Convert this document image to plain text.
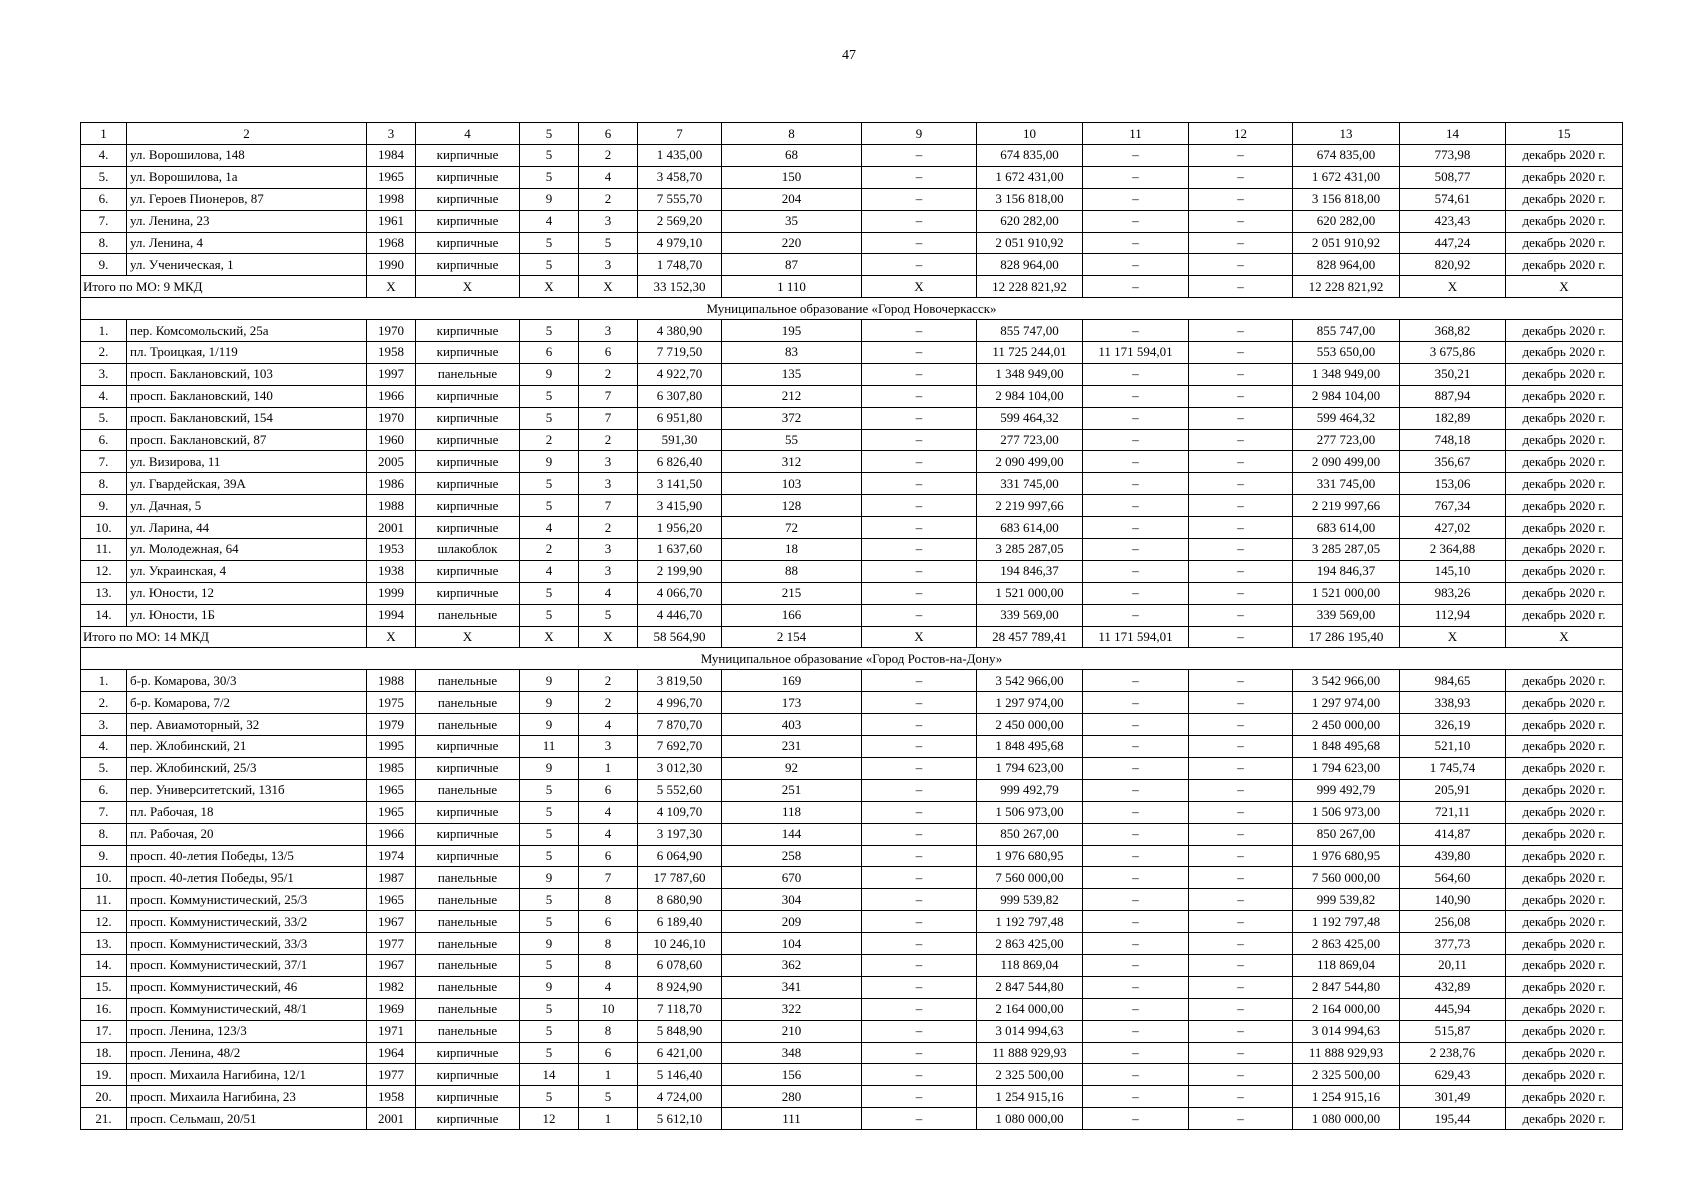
47
1	2	3	4	5	6	7	8	9	10	11	12	13	14	15
4.	ул. Ворошилова, 148	1984	кирпичные	5	2	1 435,00	68	–	674 835,00	–	–	674 835,00	773,98	декабрь 2020 г.
5.	ул. Ворошилова, 1а	1965	кирпичные	5	4	3 458,70	150	–	1 672 431,00	–	–	1 672 431,00	508,77	декабрь 2020 г.
6.	ул. Героев Пионеров, 87	1998	кирпичные	9	2	7 555,70	204	–	3 156 818,00	–	–	3 156 818,00	574,61	декабрь 2020 г.
7.	ул. Ленина, 23	1961	кирпичные	4	3	2 569,20	35	–	620 282,00	–	–	620 282,00	423,43	декабрь 2020 г.
8.	ул. Ленина, 4	1968	кирпичные	5	5	4 979,10	220	–	2 051 910,92	–	–	2 051 910,92	447,24	декабрь 2020 г.
9.	ул. Ученическая, 1	1990	кирпичные	5	3	1 748,70	87	–	828 964,00	–	–	828 964,00	820,92	декабрь 2020 г.
Итого по МО: 9 МКД		Х	Х	Х	Х	33 152,30	1 110	Х	12 228 821,92	–	–	12 228 821,92	Х	Х
Муниципальное образование «Город Новочеркасск»														
1.	пер. Комсомольский, 25а	1970	кирпичные	5	3	4 380,90	195	–	855 747,00	–	–	855 747,00	368,82	декабрь 2020 г.
2.	пл. Троицкая, 1/119	1958	кирпичные	6	6	7 719,50	83	–	11 725 244,01	11 171 594,01	–	553 650,00	3 675,86	декабрь 2020 г.
3.	просп. Баклановский, 103	1997	панельные	9	2	4 922,70	135	–	1 348 949,00	–	–	1 348 949,00	350,21	декабрь 2020 г.
4.	просп. Баклановский, 140	1966	кирпичные	5	7	6 307,80	212	–	2 984 104,00	–	–	2 984 104,00	887,94	декабрь 2020 г.
5.	просп. Баклановский, 154	1970	кирпичные	5	7	6 951,80	372	–	599 464,32	–	–	599 464,32	182,89	декабрь 2020 г.
6.	просп. Баклановский, 87	1960	кирпичные	2	2	591,30	55	–	277 723,00	–	–	277 723,00	748,18	декабрь 2020 г.
7.	ул. Визирова, 11	2005	кирпичные	9	3	6 826,40	312	–	2 090 499,00	–	–	2 090 499,00	356,67	декабрь 2020 г.
8.	ул. Гвардейская, 39А	1986	кирпичные	5	3	3 141,50	103	–	331 745,00	–	–	331 745,00	153,06	декабрь 2020 г.
9.	ул. Дачная, 5	1988	кирпичные	5	7	3 415,90	128	–	2 219 997,66	–	–	2 219 997,66	767,34	декабрь 2020 г.
10.	ул. Ларина, 44	2001	кирпичные	4	2	1 956,20	72	–	683 614,00	–	–	683 614,00	427,02	декабрь 2020 г.
11.	ул. Молодежная, 64	1953	шлакоблок	2	3	1 637,60	18	–	3 285 287,05	–	–	3 285 287,05	2 364,88	декабрь 2020 г.
12.	ул. Украинская, 4	1938	кирпичные	4	3	2 199,90	88	–	194 846,37	–	–	194 846,37	145,10	декабрь 2020 г.
13.	ул. Юности, 12	1999	кирпичные	5	4	4 066,70	215	–	1 521 000,00	–	–	1 521 000,00	983,26	декабрь 2020 г.
14.	ул. Юности, 1Б	1994	панельные	5	5	4 446,70	166	–	339 569,00	–	–	339 569,00	112,94	декабрь 2020 г.
Итого по МО: 14 МКД		Х	Х	Х	Х	58 564,90	2 154	Х	28 457 789,41	11 171 594,01	–	17 286 195,40	Х	Х
Муниципальное образование «Город Ростов-на-Дону»														
1.	б-р. Комарова, 30/3	1988	панельные	9	2	3 819,50	169	–	3 542 966,00	–	–	3 542 966,00	984,65	декабрь 2020 г.
2.	б-р. Комарова, 7/2	1975	панельные	9	2	4 996,70	173	–	1 297 974,00	–	–	1 297 974,00	338,93	декабрь 2020 г.
3.	пер. Авиамоторный, 32	1979	панельные	9	4	7 870,70	403	–	2 450 000,00	–	–	2 450 000,00	326,19	декабрь 2020 г.
4.	пер. Жлобинский, 21	1995	кирпичные	11	3	7 692,70	231	–	1 848 495,68	–	–	1 848 495,68	521,10	декабрь 2020 г.
5.	пер. Жлобинский, 25/3	1985	кирпичные	9	1	3 012,30	92	–	1 794 623,00	–	–	1 794 623,00	1 745,74	декабрь 2020 г.
6.	пер. Университетский, 131б	1965	панельные	5	6	5 552,60	251	–	999 492,79	–	–	999 492,79	205,91	декабрь 2020 г.
7.	пл. Рабочая, 18	1965	кирпичные	5	4	4 109,70	118	–	1 506 973,00	–	–	1 506 973,00	721,11	декабрь 2020 г.
8.	пл. Рабочая, 20	1966	кирпичные	5	4	3 197,30	144	–	850 267,00	–	–	850 267,00	414,87	декабрь 2020 г.
9.	просп. 40-летия Победы, 13/5	1974	кирпичные	5	6	6 064,90	258	–	1 976 680,95	–	–	1 976 680,95	439,80	декабрь 2020 г.
10.	просп. 40-летия Победы, 95/1	1987	панельные	9	7	17 787,60	670	–	7 560 000,00	–	–	7 560 000,00	564,60	декабрь 2020 г.
11.	просп. Коммунистический, 25/3	1965	панельные	5	8	8 680,90	304	–	999 539,82	–	–	999 539,82	140,90	декабрь 2020 г.
12.	просп. Коммунистический, 33/2	1967	панельные	5	6	6 189,40	209	–	1 192 797,48	–	–	1 192 797,48	256,08	декабрь 2020 г.
13.	просп. Коммунистический, 33/3	1977	панельные	9	8	10 246,10	104	–	2 863 425,00	–	–	2 863 425,00	377,73	декабрь 2020 г.
14.	просп. Коммунистический, 37/1	1967	панельные	5	8	6 078,60	362	–	118 869,04	–	–	118 869,04	20,11	декабрь 2020 г.
15.	просп. Коммунистический, 46	1982	панельные	9	4	8 924,90	341	–	2 847 544,80	–	–	2 847 544,80	432,89	декабрь 2020 г.
16.	просп. Коммунистический, 48/1	1969	панельные	5	10	7 118,70	322	–	2 164 000,00	–	–	2 164 000,00	445,94	декабрь 2020 г.
17.	просп. Ленина, 123/3	1971	панельные	5	8	5 848,90	210	–	3 014 994,63	–	–	3 014 994,63	515,87	декабрь 2020 г.
18.	просп. Ленина, 48/2	1964	кирпичные	5	6	6 421,00	348	–	11 888 929,93	–	–	11 888 929,93	2 238,76	декабрь 2020 г.
19.	просп. Михаила Нагибина, 12/1	1977	кирпичные	14	1	5 146,40	156	–	2 325 500,00	–	–	2 325 500,00	629,43	декабрь 2020 г.
20.	просп. Михаила Нагибина, 23	1958	кирпичные	5	5	4 724,00	280	–	1 254 915,16	–	–	1 254 915,16	301,49	декабрь 2020 г.
21.	просп. Сельмаш, 20/51	2001	кирпичные	12	1	5 612,10	111	–	1 080 000,00	–	–	1 080 000,00	195,44	декабрь 2020 г.
